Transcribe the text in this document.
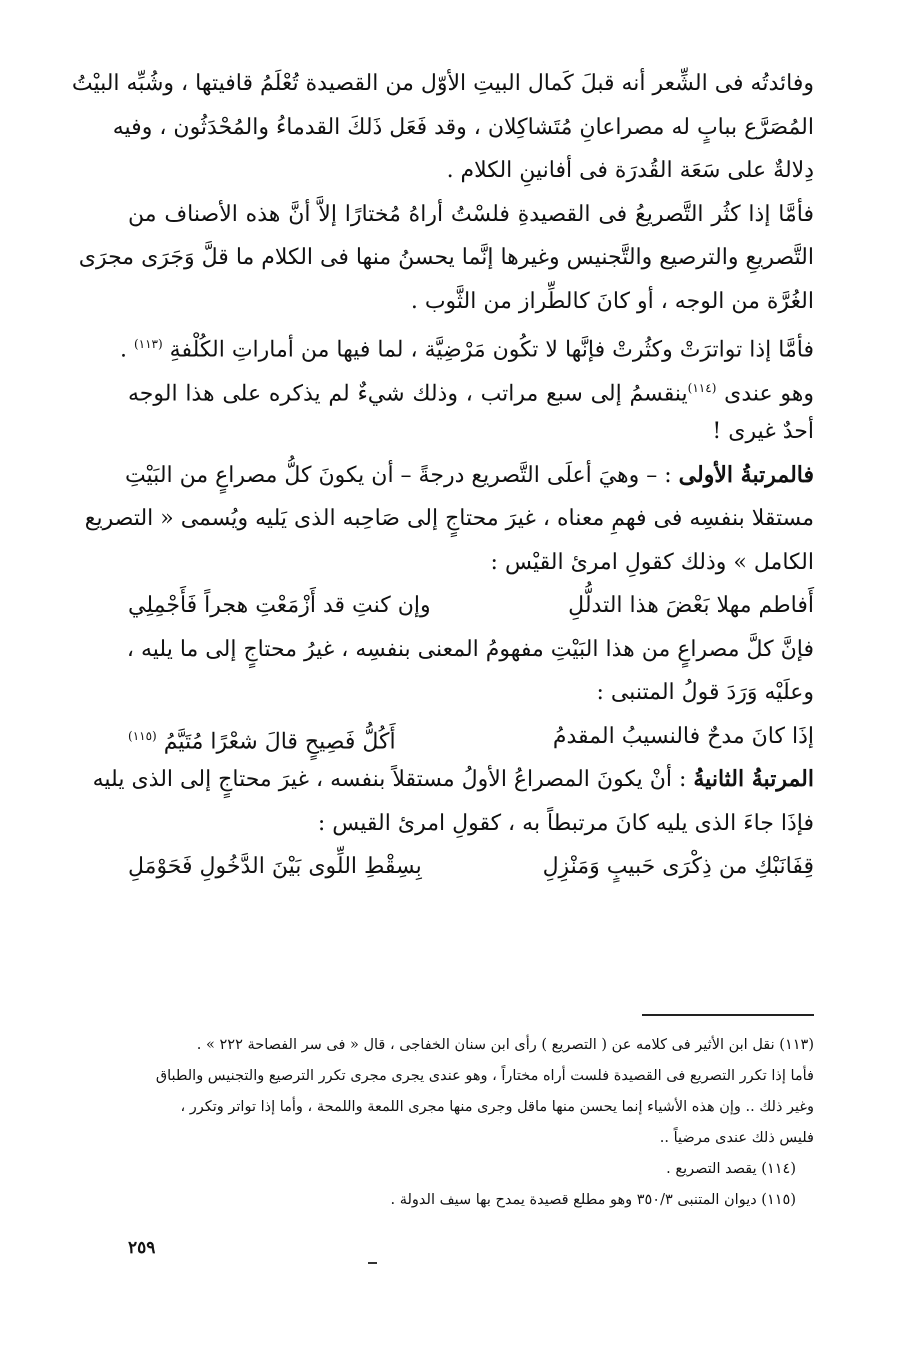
وفائدتُه فى الشِّعر أنه قبلَ كَمال البيتِ الأوّل من القصيدة تُعْلَمُ قافيتها ، وشُبِّه البيْتُ
المُصَرَّع ببابٍ له مصراعانِ مُتَشاكِلان ، وقد فَعَل ذَلكَ القدماءُ والمُحْدَثُون ، وفيه
دِلالةٌ على سَعَة القُدرَة فى أفانينِ الكلام .
فأمَّا إذا كثُر التَّصريعُ فى القصيدةِ فلسْتُ أراهُ مُختارًا إلاَّ أنَّ هذه الأصناف من
التَّصريعِ والترصيع والتَّجنيس وغيرها إنَّما يحسنُ منها فى الكلام ما قلَّ وَجَرَى مجرَى
الغُرَّة من الوجه ، أو كانَ كالطِّراز من الثَّوب .
فأمَّا إذا تواترَتْ وكثُرتْ فإنَّها لا تكُون مَرْضِيَّة ، لما فيها من أماراتِ الكُلْفةِ $^{(١١٣)}$ .
وهو عندى $^{(١١٤)}$ينقسمُ إلى سبع مراتب ، وذلك شيءٌ لم يذكره على هذا الوجه
أحدٌ غيرى !
فالمرتبةُ الأولى : – وهيَ أعلَى التَّصريع درجةً – أن يكونَ كلُّ مصراعٍ من البَيْتِ
مستقلا بنفسِه فى فهمِ معناه ، غيرَ محتاجٍ إلى صَاحِبه الذى يَليه ويُسمى « التصريع
الكامل » وذلك كقولِ امرئ القيْس :
أَفاطم مهلا بَعْضَ هذا التدلُّلِ
وإن كنتِ قد أَزْمَعْتِ هجراً فَأَجْمِلِي
فإنَّ كلَّ مصراعٍ من هذا البَيْتِ مفهومُ المعنى بنفسِه ، غيرُ محتاجٍ إلى ما يليه ،
وعلَيْه وَرَدَ قولُ المتنبى :
إذَا كانَ مدحٌ فالنسيبُ المقدمُ
أَكُلُّ فَصِيحٍ قالَ شعْرًا مُتَيَّمُ $^{(١١٥)}$
المرتبةُ الثانيةُ : أنْ يكونَ المصراعُ الأولُ مستقلاً بنفسه ، غيرَ محتاجٍ إلى الذى يليه
فإذَا جاءَ الذى يليه كانَ مرتبطاً به ، كقولِ امرئ القيس :
قِفَانَبْكِ من ذِكْرَى حَبيبٍ وَمَنْزِلِ
بِسِقْطِ اللِّوى بَيْنَ الدَّخُولِ فَحَوْمَلِ
(١١٣) نقل ابن الأثير فى كلامه عن ( التصريع ) رأى ابن سنان الخفاجى ، قال « فى سر الفصاحة ٢٢٢ » .
فأما إذا تكرر التصريع فى القصيدة فلست أراه مختاراً ، وهو عندى يجرى مجرى تكرر الترصيع والتجنيس والطباق
وغير ذلك .. وإن هذه الأشياء إنما يحسن منها ماقل وجرى منها مجرى اللمعة واللمحة ، وأما إذا تواتر وتكرر ،
فليس ذلك عندى مرضياً ..
(١١٤) يقصد التصريع .
(١١٥) ديوان المتنبى ٣٥٠/٣ وهو مطلع قصيدة يمدح بها سيف الدولة .
٢٥٩
